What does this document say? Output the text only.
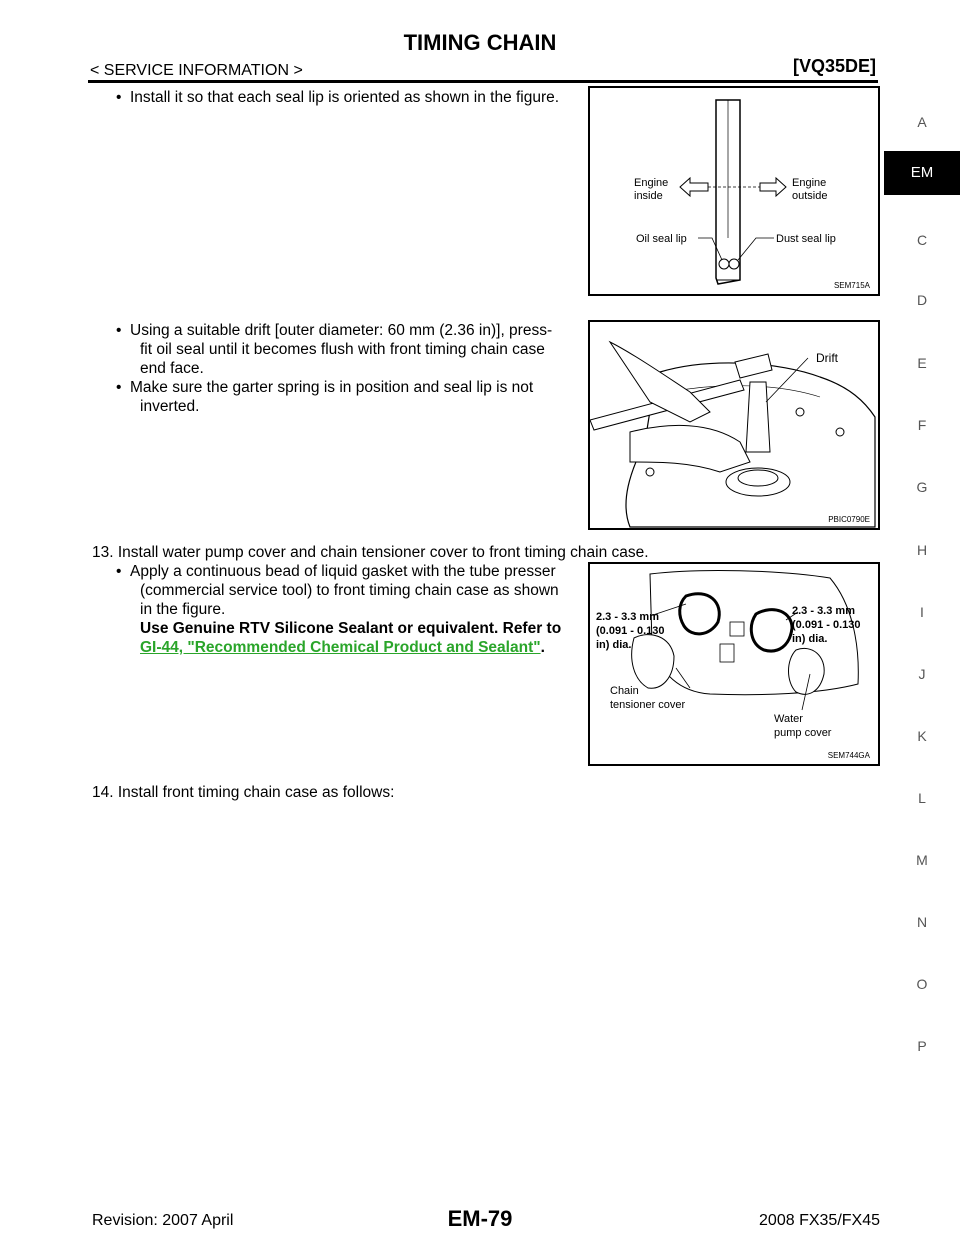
TIMING CHAIN
< SERVICE INFORMATION >	[VQ35DE]
A
EM
C
D
E
F
G
H
I
J
K
L
M
N
O
P
• Install it so that each seal lip is oriented as shown in the figure.
• Using a suitable drift [outer diameter: 60 mm (2.36 in)], press-
fit oil seal until it becomes flush with front timing chain case
end face.
• Make sure the garter spring is in position and seal lip is not
inverted.
13. Install water pump cover and chain tensioner cover to front timing chain case.
• Apply a continuous bead of liquid gasket with the tube presser
(commercial service tool) to front timing chain case as shown
in the figure.
Use Genuine RTV Silicone Sealant or equivalent. Refer to
GI-44, "Recommended Chemical Product and Sealant".
14. Install front timing chain case as follows:
Engine
inside
Engine
outside
Oil seal lip	Dust seal lip
SEM715A
Drift
PBIC0790E
2.3 - 3.3 mm
(0.091 - 0.130
in) dia.
2.3 - 3.3 mm
(0.091 - 0.130
in) dia.
Chain
tensioner cover
Water
pump cover
SEM744GA
Revision: 2007 April	EM-79	2008 FX35/FX45
